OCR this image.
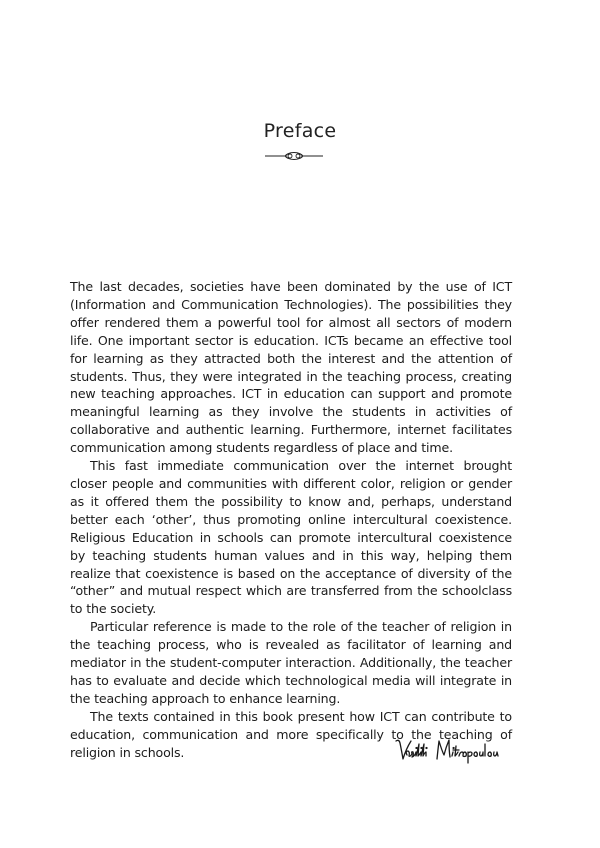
Preface

The last decades, societies have been dominated by the use of ICT (Information and Communication Technologies). The possibilities they offer rendered them a powerful tool for almost all sectors of modern life. One important sector is education. ICTs became an effective tool for learning as they attracted both the interest and the attention of students. Thus, they were integrated in the teaching process, creating new teaching approaches. ICT in education can support and promote meaningful learning as they involve the students in activities of collaborative and authentic learning. Furthermore, internet facilitates communication among students regardless of place and time.

This fast immediate communication over the internet brought closer people and communities with different color, religion or gender as it offered them the possibility to know and, perhaps, understand better each ‘other’, thus promoting online intercultural coexistence. Religious Education in schools can promote intercultural coexistence by teaching students human values and in this way, helping them realize that coexistence is based on the acceptance of diversity of the “other” and mutual respect which are transferred from the schoolclass to the society.

Particular reference is made to the role of the teacher of religion in the teaching process, who is revealed as facilitator of learning and mediator in the student-computer interaction. Additionally, the teacher has to evaluate and decide which technological media will integrate in the teaching approach to enhance learning.

The texts contained in this book present how ICT can contribute to education, communication and more specifically to the teaching of religion in schools.
